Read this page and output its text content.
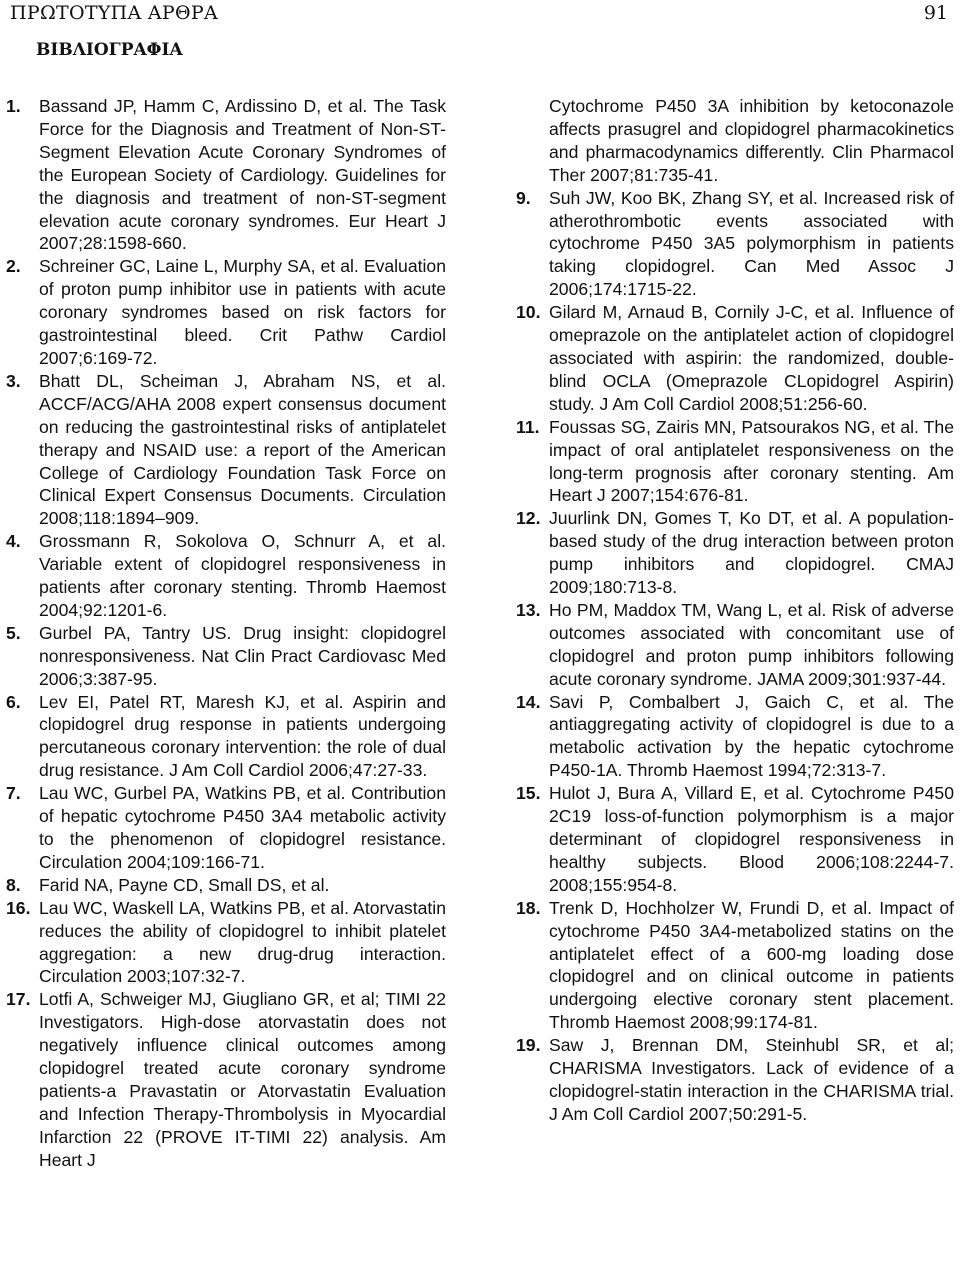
ΠΡΩΤΟΤΥΠΑ ΑΡΘΡΑ	91
ΒΙΒΛΙΟΓΡΑΦΙΑ
1.	Bassand JP, Hamm C, Ardissino D, et al. The Task Force for the Diagnosis and Treatment of Non-ST-Segment Elevation Acute Coronary Syndromes of the European Society of Cardiology. Guidelines for the diagnosis and treatment of non-ST-segment elevation acute coronary syndromes. Eur Heart J 2007;28:1598-660.
2.	Schreiner GC, Laine L, Murphy SA, et al. Evaluation of proton pump inhibitor use in patients with acute coronary syndromes based on risk factors for gastrointestinal bleed. Crit Pathw Cardiol 2007;6:169-72.
3.	Bhatt DL, Scheiman J, Abraham NS, et al. ACCF/ACG/AHA 2008 expert consensus document on reducing the gastrointestinal risks of antiplatelet therapy and NSAID use: a report of the American College of Cardiology Foundation Task Force on Clinical Expert Consensus Documents. Circulation 2008;118:1894–909.
4.	Grossmann R, Sokolova O, Schnurr A, et al. Variable extent of clopidogrel responsiveness in patients after coronary stenting. Thromb Haemost 2004;92:1201-6.
5.	Gurbel PA, Tantry US. Drug insight: clopidogrel nonresponsiveness. Nat Clin Pract Cardiovasc Med 2006;3:387-95.
6.	Lev EI, Patel RT, Maresh KJ, et al. Aspirin and clopidogrel drug response in patients undergoing percutaneous coronary intervention: the role of dual drug resistance. J Am Coll Cardiol 2006;47:27-33.
7.	Lau WC, Gurbel PA, Watkins PB, et al. Contribution of hepatic cytochrome P450 3A4 metabolic activity to the phenomenon of clopidogrel resistance. Circulation 2004;109:166-71.
8.	Farid NA, Payne CD, Small DS, et al.
16. Lau WC, Waskell LA, Watkins PB, et al. Atorvastatin reduces the ability of clopidogrel to inhibit platelet aggregation: a new drug-drug interaction. Circulation 2003;107:32-7.
17. Lotfi A, Schweiger MJ, Giugliano GR, et al; TIMI 22 Investigators. High-dose atorvastatin does not negatively influence clinical outcomes among clopidogrel treated acute coronary syndrome patients-a Pravastatin or Atorvastatin Evaluation and Infection Therapy-Thrombolysis in Myocardial Infarction 22 (PROVE IT-TIMI 22) analysis. Am Heart J
Cytochrome P450 3A inhibition by ketoconazole affects prasugrel and clopidogrel pharmacokinetics and pharmacodynamics differently. Clin Pharmacol Ther 2007;81:735-41.
9.	Suh JW, Koo BK, Zhang SY, et al. Increased risk of atherothrombotic events associated with cytochrome P450 3A5 polymorphism in patients taking clopidogrel. Can Med Assoc J 2006;174:1715-22.
10. Gilard M, Arnaud B, Cornily J-C, et al. Influence of omeprazole on the antiplatelet action of clopidogrel associated with aspirin: the randomized, double-blind OCLA (Omeprazole CLopidogrel Aspirin) study. J Am Coll Cardiol 2008;51:256-60.
11. Foussas SG, Zairis MN, Patsourakos NG, et al. The impact of oral antiplatelet responsiveness on the long-term prognosis after coronary stenting. Am Heart J 2007;154:676-81.
12. Juurlink DN, Gomes T, Ko DT, et al. A population-based study of the drug interaction between proton pump inhibitors and clopidogrel. CMAJ 2009;180:713-8.
13. Ho PM, Maddox TM, Wang L, et al. Risk of adverse outcomes associated with concomitant use of clopidogrel and proton pump inhibitors following acute coronary syndrome. JAMA 2009;301:937-44.
14. Savi P, Combalbert J, Gaich C, et al. The antiaggregating activity of clopidogrel is due to a metabolic activation by the hepatic cytochrome P450-1A. Thromb Haemost 1994;72:313-7.
15. Hulot J, Bura A, Villard E, et al. Cytochrome P450 2C19 loss-of-function polymorphism is a major determinant of clopidogrel responsiveness in healthy subjects. Blood 2006;108:2244-7. 2008;155:954-8.
18. Trenk D, Hochholzer W, Frundi D, et al. Impact of cytochrome P450 3A4-metabolized statins on the antiplatelet effect of a 600-mg loading dose clopidogrel and on clinical outcome in patients undergoing elective coronary stent placement. Thromb Haemost 2008;99:174-81.
19. Saw J, Brennan DM, Steinhubl SR, et al; CHARISMA Investigators. Lack of evidence of a clopidogrel-statin interaction in the CHARISMA trial. J Am Coll Cardiol 2007;50:291-5.
